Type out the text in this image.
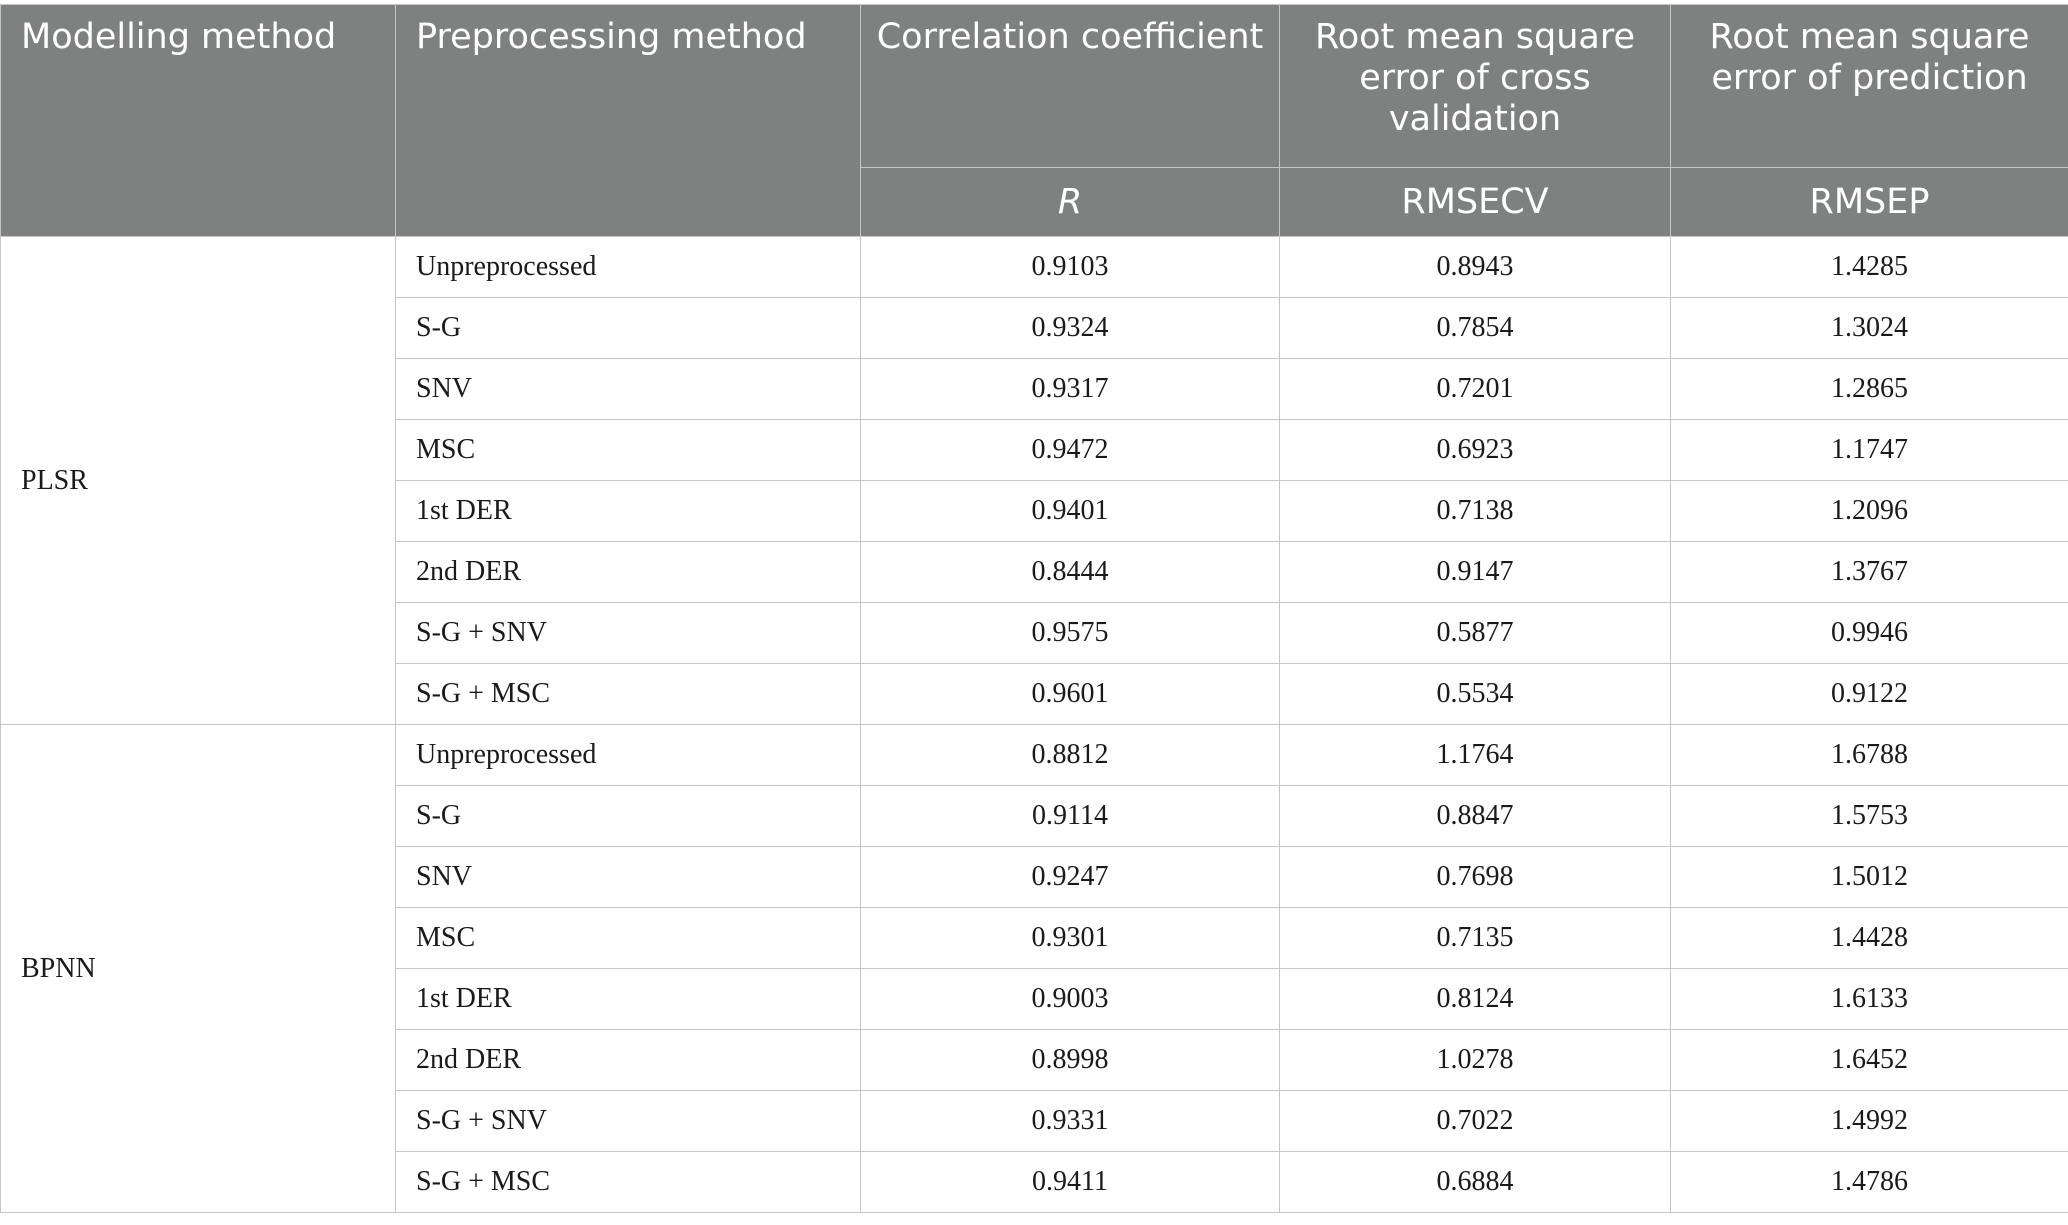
Modelling method	Preprocessing method	Correlation coefficient	Root mean square error of cross validation	Root mean square error of prediction
		R	RMSECV	RMSEP
PLSR	Unpreprocessed	0.9103	0.8943	1.4285
	S-G	0.9324	0.7854	1.3024
	SNV	0.9317	0.7201	1.2865
	MSC	0.9472	0.6923	1.1747
	1st DER	0.9401	0.7138	1.2096
	2nd DER	0.8444	0.9147	1.3767
	S-G + SNV	0.9575	0.5877	0.9946
	S-G + MSC	0.9601	0.5534	0.9122
BPNN	Unpreprocessed	0.8812	1.1764	1.6788
	S-G	0.9114	0.8847	1.5753
	SNV	0.9247	0.7698	1.5012
	MSC	0.9301	0.7135	1.4428
	1st DER	0.9003	0.8124	1.6133
	2nd DER	0.8998	1.0278	1.6452
	S-G + SNV	0.9331	0.7022	1.4992
	S-G + MSC	0.9411	0.6884	1.4786
